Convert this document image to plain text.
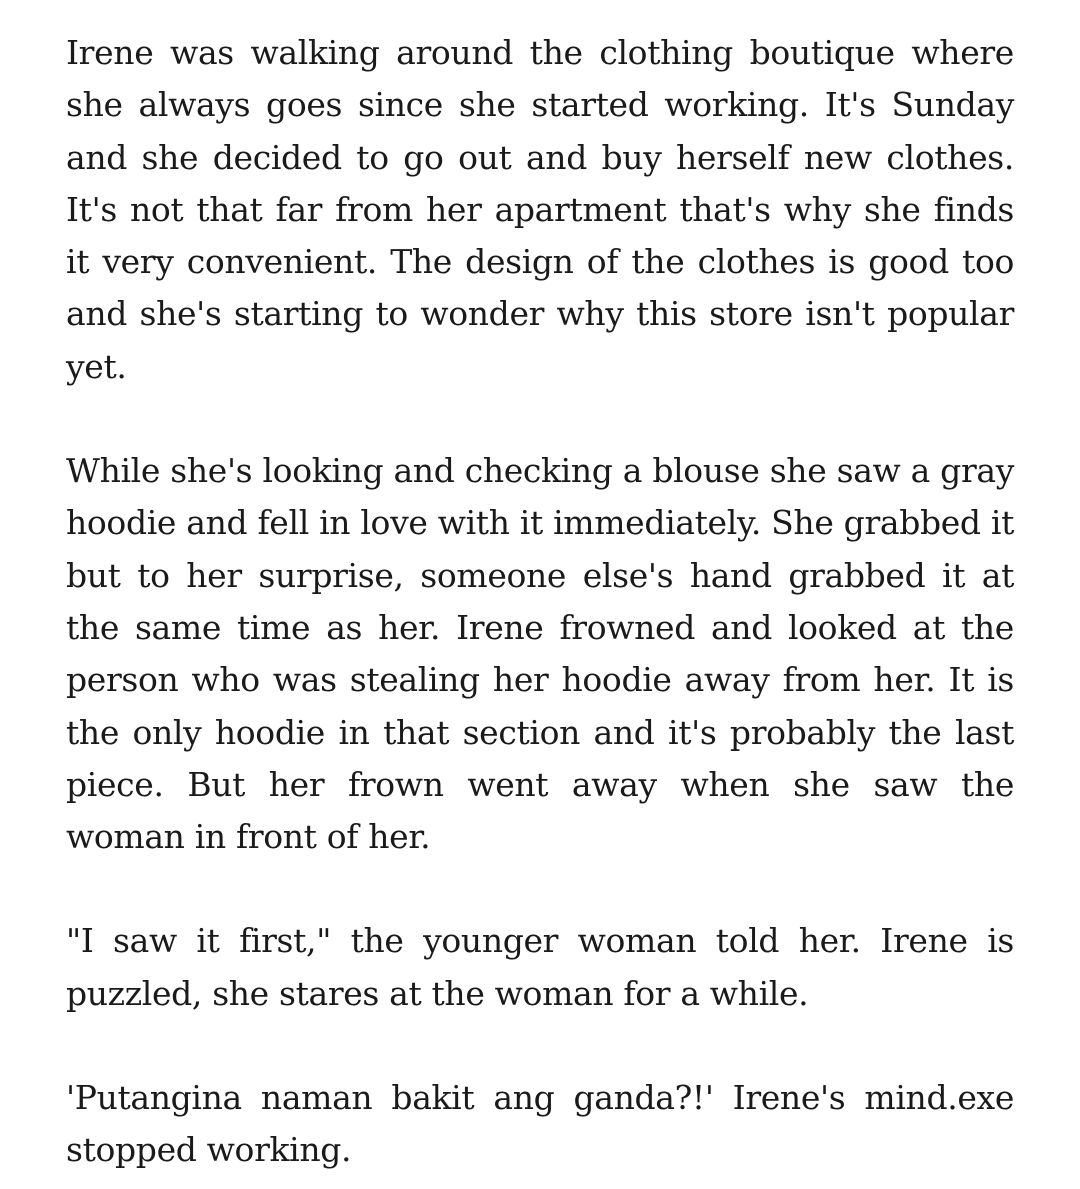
Irene was walking around the clothing boutique where she always goes since she started working. It's Sunday and she decided to go out and buy herself new clothes. It's not that far from her apartment that's why she finds it very convenient. The design of the clothes is good too and she's starting to wonder why this store isn't popular yet.

While she's looking and checking a blouse she saw a gray hoodie and fell in love with it immediately. She grabbed it but to her surprise, someone else's hand grabbed it at the same time as her. Irene frowned and looked at the person who was stealing her hoodie away from her. It is the only hoodie in that section and it's probably the last piece. But her frown went away when she saw the woman in front of her.

"I saw it first," the younger woman told her. Irene is puzzled, she stares at the woman for a while.

'Putangina naman bakit ang ganda?!' Irene's mind.exe stopped working.
